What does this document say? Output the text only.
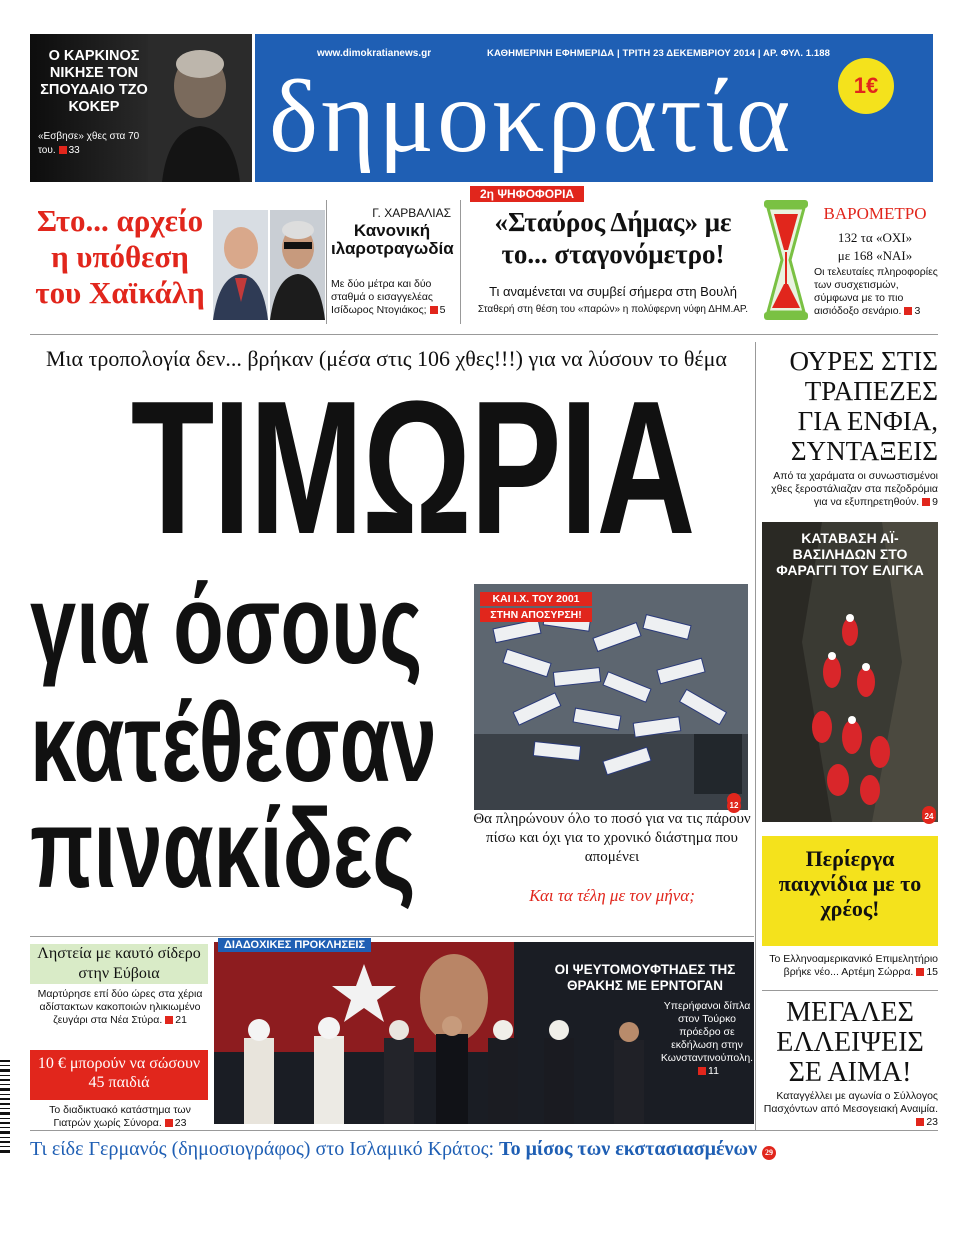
Ο ΚΑΡΚΙΝΟΣ ΝΙΚΗΣΕ ΤΟΝ ΣΠΟΥΔΑΙΟ ΤΖΟ ΚΟΚΕΡ
«Εσβησε» χθες στα 70 του. 33
www.dimokratianews.gr	ΚΑΘΗΜΕΡΙΝΗ ΕΦΗΜΕΡΙΔΑ | ΤΡΙΤΗ 23 ΔΕΚΕΜΒΡΙΟΥ 2014 | ΑΡ. ΦΥΛ. 1.188
δημοκρατία	1€
Στο... αρχείο η υπόθεση του Χαϊκάλη
Γ. ΧΑΡΒΑΛΙΑΣ
Κανονική ιλαροτραγωδία
Με δύο μέτρα και δύο σταθμά ο εισαγγελέας Ισίδωρος Ντογιάκος; 5
2η ΨΗΦΟΦΟΡΙΑ
«Σταύρος Δήμας» με το... σταγονόμετρο!
Τι αναμένεται να συμβεί σήμερα στη Βουλή
Σταθερή στη θέση του «παρών» η πολύφερνη νύφη ΔΗΜ.ΑΡ.
ΒΑΡΟΜΕΤΡΟ
132 τα «ΟΧΙ»
με 168 «ΝΑΙ»
Οι τελευταίες πληροφορίες των συσχετισμών, σύμφωνα με το πιο αισιόδοξο σενάριο. 3
Μια τροπολογία δεν... βρήκαν (μέσα στις 106 χθες!!!) για να λύσουν το θέμα
ΤΙΜΩΡΙΑ
για όσους
κατέθεσαν
πινακίδες	12
ΚΑΙ Ι.Χ. ΤΟΥ 2001
ΣΤΗΝ ΑΠΟΣΥΡΣΗ!
Θα πληρώνουν όλο το ποσό για να τις πάρουν πίσω και όχι για το χρονικό διάστημα που απομένει
Και τα τέλη με τον μήνα;
ΟΥΡΕΣ ΣΤΙΣ ΤΡΑΠΕΖΕΣ ΓΙΑ ΕΝΦΙΑ, ΣΥΝΤΑΞΕΙΣ
Από τα χαράματα οι συνωστισμένοι χθες ξεροστάλιαζαν στα πεζοδρόμια για να εξυπηρετηθούν. 9
ΚΑΤΑΒΑΣΗ ΑΪ-ΒΑΣΙΛΗΔΩΝ ΣΤΟ ΦΑΡΑΓΓΙ ΤΟΥ ΕΛΙΓΚΑ
24
Περίεργα παιχνίδια με το χρέος!
Το Ελληνοαμερικανικό Επιμελητήριο βρήκε νέο... Αρτέμη Σώρρα. 15
ΜΕΓΑΛΕΣ ΕΛΛΕΙΨΕΙΣ ΣΕ ΑΙΜΑ!
Καταγγέλλει με αγωνία ο Σύλλογος Πασχόντων από Μεσογειακή Αναιμία.23
Ληστεία με καυτό σίδερο στην Εύβοια
Μαρτύρησε επί δύο ώρες στα χέρια αδίστακτων κακοποιών ηλικιωμένο ζευγάρι στα Νέα Στύρα. 21
10 € μπορούν να σώσουν 45 παιδιά
Το διαδικτυακό κατάστημα των Γιατρών χωρίς Σύνορα. 23
ΔΙΑΔΟΧΙΚΕΣ ΠΡΟΚΛΗΣΕΙΣ
ΟΙ ΨΕΥΤΟΜΟΥΦΤΗΔΕΣ ΤΗΣ ΘΡΑΚΗΣ ΜΕ ΕΡΝΤΟΓΑΝ
Υπερήφανοι δίπλα στον Τούρκο πρόεδρο σε εκδήλωση στην Κωνσταντινούπολη.11
Τι είδε Γερμανός (δημοσιογράφος) στο Ισλαμικό Κράτος: Το μίσος των εκστασιασμένων 29
